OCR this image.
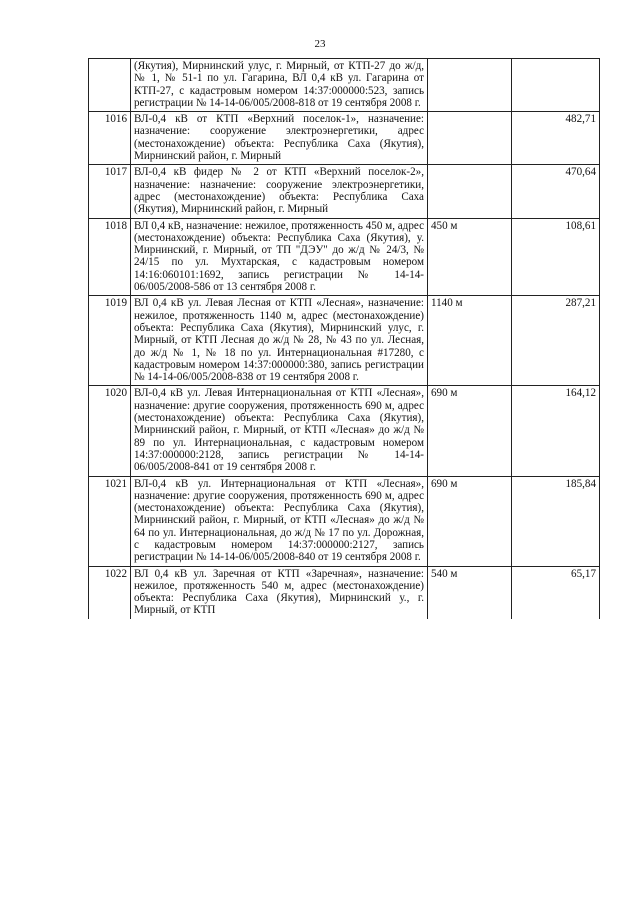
23
	(Якутия), Мирнинский улус, г. Мирный, от КТП-27 до ж/д, № 1, № 51-1 по ул. Гагарина, ВЛ 0,4 кВ ул. Гагарина от КТП-27, с кадастровым номером 14:37:000000:523, запись регистрации № 14-14-06/005/2008-818 от 19 сентября 2008 г.		
1016	ВЛ-0,4 кВ от КТП «Верхний поселок-1», назначение: назначение: сооружение электроэнергетики, адрес (местонахождение) объекта: Республика Саха (Якутия), Мирнинский район, г. Мирный		482,71
1017	ВЛ-0,4 кВ фидер № 2 от КТП «Верхний поселок-2», назначение: назначение: сооружение электроэнергетики, адрес (местонахождение) объекта: Республика Саха (Якутия), Мирнинский район, г. Мирный		470,64
1018	ВЛ 0,4 кВ, назначение: нежилое, протяженность 450 м, адрес (местонахождение) объекта: Республика Саха (Якутия), у. Мирнинский, г. Мирный, от ТП "ДЭУ" до ж/д № 24/3, № 24/15 по ул. Мухтарская, с кадастровым номером 14:16:060101:1692, запись регистрации № 14-14-06/005/2008-586 от 13 сентября 2008 г.	450 м	108,61
1019	ВЛ 0,4 кВ ул. Левая Лесная от КТП «Лесная», назначение: нежилое, протяженность 1140 м, адрес (местонахождение) объекта: Республика Саха (Якутия), Мирнинский улус, г. Мирный, от КТП Лесная до ж/д № 28, № 43 по ул. Лесная, до ж/д № 1, № 18 по ул. Интернациональная #17280, с кадастровым номером 14:37:000000:380, запись регистрации № 14-14-06/005/2008-838 от 19 сентября 2008 г.	1140 м	287,21
1020	ВЛ-0,4 кВ ул. Левая Интернациональная от КТП «Лесная», назначение: другие сооружения, протяженность 690 м, адрес (местонахождение) объекта: Республика Саха (Якутия), Мирнинский район, г. Мирный, от КТП «Лесная» до ж/д № 89 по ул. Интернациональная, с кадастровым номером 14:37:000000:2128, запись регистрации № 14-14-06/005/2008-841 от 19 сентября 2008 г.	690 м	164,12
1021	ВЛ-0,4 кВ ул. Интернациональная от КТП «Лесная», назначение: другие сооружения, протяженность 690 м, адрес (местонахождение) объекта: Республика Саха (Якутия), Мирнинский район, г. Мирный, от КТП «Лесная» до ж/д № 64 по ул. Интернациональная, до ж/д № 17 по ул. Дорожная, с кадастровым номером 14:37:000000:2127, запись регистрации № 14-14-06/005/2008-840 от 19 сентября 2008 г.	690 м	185,84
1022	ВЛ 0,4 кВ ул. Заречная от КТП «Заречная», назначение: нежилое, протяженность 540 м, адрес (местонахождение) объекта: Республика Саха (Якутия), Мирнинский у., г. Мирный, от КТП	540 м	65,17
